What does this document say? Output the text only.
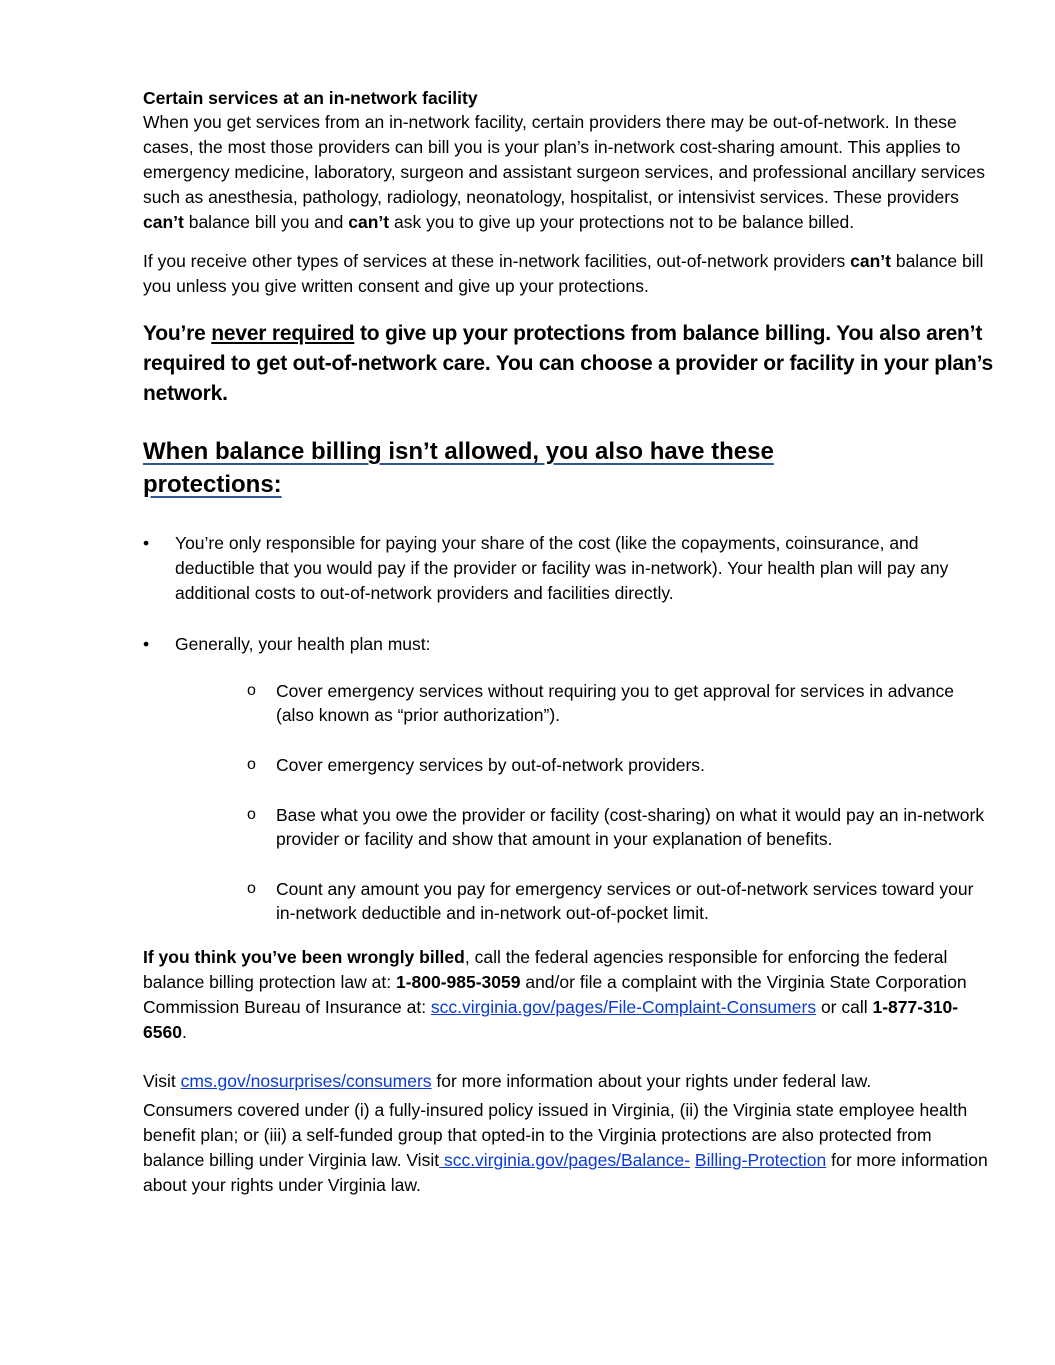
Certain services at an in-network facility

When you get services from an in-network facility, certain providers there may be out-of-network. In these cases, the most those providers can bill you is your plan’s in-network cost-sharing amount. This applies to emergency medicine, laboratory, surgeon and assistant surgeon services, and professional ancillary services such as anesthesia, pathology, radiology, neonatology, hospitalist, or intensivist services. These providers can’t balance bill you and can’t ask you to give up your protections not to be balance billed.

If you receive other types of services at these in-network facilities, out-of-network providers can’t balance bill you unless you give written consent and give up your protections.

You’re never required to give up your protections from balance billing. You also aren’t required to get out-of-network care. You can choose a provider or facility in your plan’s network.

When balance billing isn’t allowed, you also have these protections:
• You’re only responsible for paying your share of the cost (like the copayments, coinsurance, and deductible that you would pay if the provider or facility was in-network). Your health plan will pay any additional costs to out-of-network providers and facilities directly.
• Generally, your health plan must:
o Cover emergency services without requiring you to get approval for services in advance (also known as “prior authorization”).
o Cover emergency services by out-of-network providers.
o Base what you owe the provider or facility (cost-sharing) on what it would pay an in-network provider or facility and show that amount in your explanation of benefits.
o Count any amount you pay for emergency services or out-of-network services toward your in-network deductible and in-network out-of-pocket limit.

If you think you’ve been wrongly billed, call the federal agencies responsible for enforcing the federal balance billing protection law at: 1-800-985-3059 and/or file a complaint with the Virginia State Corporation Commission Bureau of Insurance at: scc.virginia.gov/pages/File-Complaint-Consumers or call 1-877-310-6560.

Visit cms.gov/nosurprises/consumers for more information about your rights under federal law.

Consumers covered under (i) a fully-insured policy issued in Virginia, (ii) the Virginia state employee health benefit plan; or (iii) a self-funded group that opted-in to the Virginia protections are also protected from balance billing under Virginia law. Visit scc.virginia.gov/pages/Balance- Billing-Protection for more information about your rights under Virginia law.
